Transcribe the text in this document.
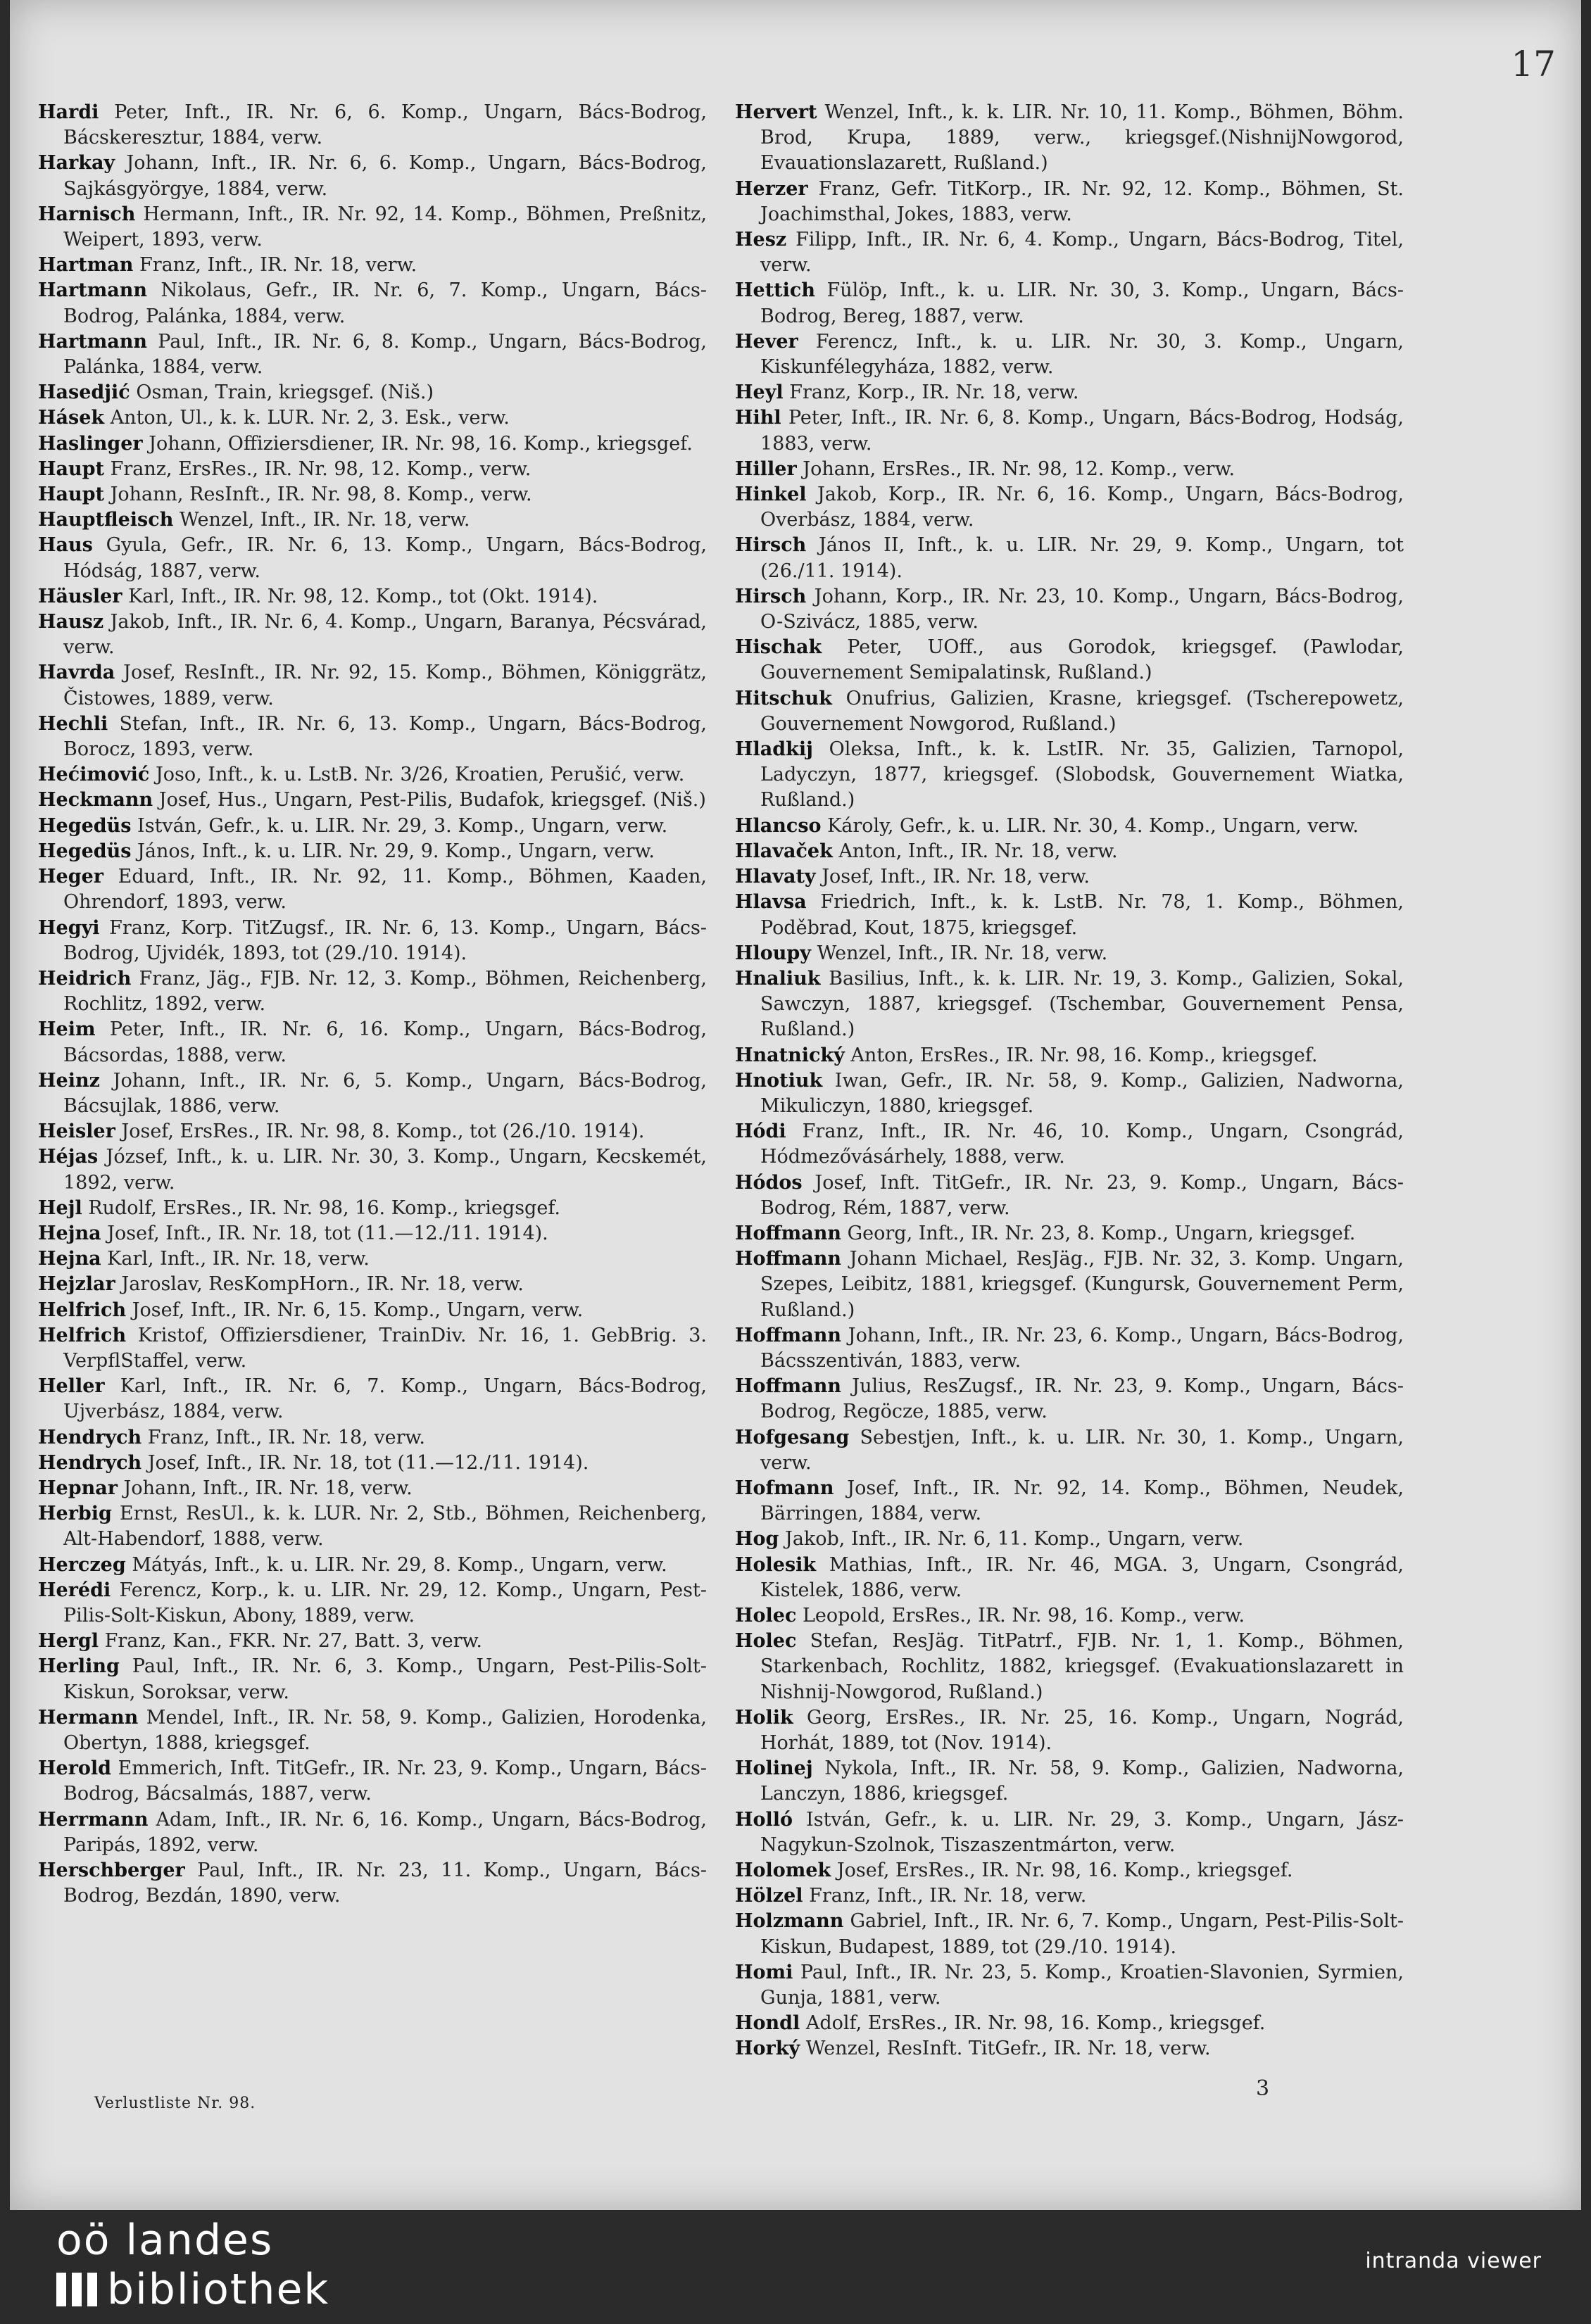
17

Hardi Peter, Inft., IR. Nr. 6, 6. Komp., Ungarn, Bács-Bodrog, Bácskeresztur, 1884, verw.
Harkay Johann, Inft., IR. Nr. 6, 6. Komp., Ungarn, Bács-Bodrog, Sajkásgyörgye, 1884, verw.
Harnisch Hermann, Inft., IR. Nr. 92, 14. Komp., Böhmen, Preßnitz, Weipert, 1893, verw.
Hartman Franz, Inft., IR. Nr. 18, verw.
Hartmann Nikolaus, Gefr., IR. Nr. 6, 7. Komp., Ungarn, Bács-Bodrog, Palánka, 1884, verw.
Hartmann Paul, Inft., IR. Nr. 6, 8. Komp., Ungarn, Bács-Bodrog, Palánka, 1884, verw.
Hasedjić Osman, Train, kriegsgef. (Niš.)
Hásek Anton, Ul., k. k. LUR. Nr. 2, 3. Esk., verw.
Haslinger Johann, Offiziersdiener, IR. Nr. 98, 16. Komp., kriegsgef.
Haupt Franz, ErsRes., IR. Nr. 98, 12. Komp., verw.
Haupt Johann, ResInft., IR. Nr. 98, 8. Komp., verw.
Hauptfleisch Wenzel, Inft., IR. Nr. 18, verw.
Haus Gyula, Gefr., IR. Nr. 6, 13. Komp., Ungarn, Bács-Bodrog, Hódság, 1887, verw.
Häusler Karl, Inft., IR. Nr. 98, 12. Komp., tot (Okt. 1914).
Hausz Jakob, Inft., IR. Nr. 6, 4. Komp., Ungarn, Baranya, Pécsvárad, verw.
Havrda Josef, ResInft., IR. Nr. 92, 15. Komp., Böhmen, Königgrätz, Čistowes, 1889, verw.
Hechli Stefan, Inft., IR. Nr. 6, 13. Komp., Ungarn, Bács-Bodrog, Borocz, 1893, verw.
Hećimović Joso, Inft., k. u. LstB. Nr. 3/26, Kroatien, Perušić, verw.
Heckmann Josef, Hus., Ungarn, Pest-Pilis, Budafok, kriegsgef. (Niš.)
Hegedüs István, Gefr., k. u. LIR. Nr. 29, 3. Komp., Ungarn, verw.
Hegedüs János, Inft., k. u. LIR. Nr. 29, 9. Komp., Ungarn, verw.
Heger Eduard, Inft., IR. Nr. 92, 11. Komp., Böhmen, Kaaden, Ohrendorf, 1893, verw.
Hegyi Franz, Korp. TitZugsf., IR. Nr. 6, 13. Komp., Ungarn, Bács-Bodrog, Ujvidék, 1893, tot (29./10. 1914).
Heidrich Franz, Jäg., FJB. Nr. 12, 3. Komp., Böhmen, Reichenberg, Rochlitz, 1892, verw.
Heim Peter, Inft., IR. Nr. 6, 16. Komp., Ungarn, Bács-Bodrog, Bácsordas, 1888, verw.
Heinz Johann, Inft., IR. Nr. 6, 5. Komp., Ungarn, Bács-Bodrog, Bácsujlak, 1886, verw.
Heisler Josef, ErsRes., IR. Nr. 98, 8. Komp., tot (26./10. 1914).
Héjas József, Inft., k. u. LIR. Nr. 30, 3. Komp., Ungarn, Kecskemét, 1892, verw.
Hejl Rudolf, ErsRes., IR. Nr. 98, 16. Komp., kriegsgef.
Hejna Josef, Inft., IR. Nr. 18, tot (11.—12./11. 1914).
Hejna Karl, Inft., IR. Nr. 18, verw.
Hejzlar Jaroslav, ResKompHorn., IR. Nr. 18, verw.
Helfrich Josef, Inft., IR. Nr. 6, 15. Komp., Ungarn, verw.
Helfrich Kristof, Offiziersdiener, TrainDiv. Nr. 16, 1. GebBrig. 3. VerpflStaffel, verw.
Heller Karl, Inft., IR. Nr. 6, 7. Komp., Ungarn, Bács-Bodrog, Ujverbász, 1884, verw.
Hendrych Franz, Inft., IR. Nr. 18, verw.
Hendrych Josef, Inft., IR. Nr. 18, tot (11.—12./11. 1914).
Hepnar Johann, Inft., IR. Nr. 18, verw.
Herbig Ernst, ResUl., k. k. LUR. Nr. 2, Stb., Böhmen, Reichenberg, Alt-Habendorf, 1888, verw.
Herczeg Mátyás, Inft., k. u. LIR. Nr. 29, 8. Komp., Ungarn, verw.
Herédi Ferencz, Korp., k. u. LIR. Nr. 29, 12. Komp., Ungarn, Pest-Pilis-Solt-Kiskun, Abony, 1889, verw.
Hergl Franz, Kan., FKR. Nr. 27, Batt. 3, verw.
Herling Paul, Inft., IR. Nr. 6, 3. Komp., Ungarn, Pest-Pilis-Solt-Kiskun, Soroksar, verw.
Hermann Mendel, Inft., IR. Nr. 58, 9. Komp., Galizien, Horodenka, Obertyn, 1888, kriegsgef.
Herold Emmerich, Inft. TitGefr., IR. Nr. 23, 9. Komp., Ungarn, Bács-Bodrog, Bácsalmás, 1887, verw.
Herrmann Adam, Inft., IR. Nr. 6, 16. Komp., Ungarn, Bács-Bodrog, Paripás, 1892, verw.
Herschberger Paul, Inft., IR. Nr. 23, 11. Komp., Ungarn, Bács-Bodrog, Bezdán, 1890, verw.
Hervert Wenzel, Inft., k. k. LIR. Nr. 10, 11. Komp., Böhmen, Böhm. Brod, Krupa, 1889, verw., kriegsgef.(NishnijNowgorod, Evauationslazarett, Rußland.)
Herzer Franz, Gefr. TitKorp., IR. Nr. 92, 12. Komp., Böhmen, St. Joachimsthal, Jokes, 1883, verw.
Hesz Filipp, Inft., IR. Nr. 6, 4. Komp., Ungarn, Bács-Bodrog, Titel, verw.
Hettich Fülöp, Inft., k. u. LIR. Nr. 30, 3. Komp., Ungarn, Bács-Bodrog, Bereg, 1887, verw.
Hever Ferencz, Inft., k. u. LIR. Nr. 30, 3. Komp., Ungarn, Kiskunfélegyháza, 1882, verw.
Heyl Franz, Korp., IR. Nr. 18, verw.
Hihl Peter, Inft., IR. Nr. 6, 8. Komp., Ungarn, Bács-Bodrog, Hodság, 1883, verw.
Hiller Johann, ErsRes., IR. Nr. 98, 12. Komp., verw.
Hinkel Jakob, Korp., IR. Nr. 6, 16. Komp., Ungarn, Bács-Bodrog, Overbász, 1884, verw.
Hirsch János II, Inft., k. u. LIR. Nr. 29, 9. Komp., Ungarn, tot (26./11. 1914).
Hirsch Johann, Korp., IR. Nr. 23, 10. Komp., Ungarn, Bács-Bodrog, O-Szivácz, 1885, verw.
Hischak Peter, UOff., aus Gorodok, kriegsgef. (Pawlodar, Gouvernement Semipalatinsk, Rußland.)
Hitschuk Onufrius, Galizien, Krasne, kriegsgef. (Tscherepowetz, Gouvernement Nowgorod, Rußland.)
Hladkij Oleksa, Inft., k. k. LstIR. Nr. 35, Galizien, Tarnopol, Ladyczyn, 1877, kriegsgef. (Slobodsk, Gouvernement Wiatka, Rußland.)
Hlancso Károly, Gefr., k. u. LIR. Nr. 30, 4. Komp., Ungarn, verw.
Hlavaček Anton, Inft., IR. Nr. 18, verw.
Hlavaty Josef, Inft., IR. Nr. 18, verw.
Hlavsa Friedrich, Inft., k. k. LstB. Nr. 78, 1. Komp., Böhmen, Poděbrad, Kout, 1875, kriegsgef.
Hloupy Wenzel, Inft., IR. Nr. 18, verw.
Hnaliuk Basilius, Inft., k. k. LIR. Nr. 19, 3. Komp., Galizien, Sokal, Sawczyn, 1887, kriegsgef. (Tschembar, Gouvernement Pensa, Rußland.)
Hnatnický Anton, ErsRes., IR. Nr. 98, 16. Komp., kriegsgef.
Hnotiuk Iwan, Gefr., IR. Nr. 58, 9. Komp., Galizien, Nadworna, Mikuliczyn, 1880, kriegsgef.
Hódi Franz, Inft., IR. Nr. 46, 10. Komp., Ungarn, Csongrád, Hódmezővásárhely, 1888, verw.
Hódos Josef, Inft. TitGefr., IR. Nr. 23, 9. Komp., Ungarn, Bács-Bodrog, Rém, 1887, verw.
Hoffmann Georg, Inft., IR. Nr. 23, 8. Komp., Ungarn, kriegsgef.
Hoffmann Johann Michael, ResJäg., FJB. Nr. 32, 3. Komp. Ungarn, Szepes, Leibitz, 1881, kriegsgef. (Kungursk, Gouvernement Perm, Rußland.)
Hoffmann Johann, Inft., IR. Nr. 23, 6. Komp., Ungarn, Bács-Bodrog, Bácsszentiván, 1883, verw.
Hoffmann Julius, ResZugsf., IR. Nr. 23, 9. Komp., Ungarn, Bács-Bodrog, Regöcze, 1885, verw.
Hofgesang Sebestjen, Inft., k. u. LIR. Nr. 30, 1. Komp., Ungarn, verw.
Hofmann Josef, Inft., IR. Nr. 92, 14. Komp., Böhmen, Neudek, Bärringen, 1884, verw.
Hog Jakob, Inft., IR. Nr. 6, 11. Komp., Ungarn, verw.
Holesik Mathias, Inft., IR. Nr. 46, MGA. 3, Ungarn, Csongrád, Kistelek, 1886, verw.
Holec Leopold, ErsRes., IR. Nr. 98, 16. Komp., verw.
Holec Stefan, ResJäg. TitPatrf., FJB. Nr. 1, 1. Komp., Böhmen, Starkenbach, Rochlitz, 1882, kriegsgef. (Evakuationslazarett in Nishnij-Nowgorod, Rußland.)
Holik Georg, ErsRes., IR. Nr. 25, 16. Komp., Ungarn, Nográd, Horhát, 1889, tot (Nov. 1914).
Holinej Nykola, Inft., IR. Nr. 58, 9. Komp., Galizien, Nadworna, Lanczyn, 1886, kriegsgef.
Holló István, Gefr., k. u. LIR. Nr. 29, 3. Komp., Ungarn, Jász-Nagykun-Szolnok, Tiszaszentmárton, verw.
Holomek Josef, ErsRes., IR. Nr. 98, 16. Komp., kriegsgef.
Hölzel Franz, Inft., IR. Nr. 18, verw.
Holzmann Gabriel, Inft., IR. Nr. 6, 7. Komp., Ungarn, Pest-Pilis-Solt-Kiskun, Budapest, 1889, tot (29./10. 1914).
Homi Paul, Inft., IR. Nr. 23, 5. Komp., Kroatien-Slavonien, Syrmien, Gunja, 1881, verw.
Hondl Adolf, ErsRes., IR. Nr. 98, 16. Komp., kriegsgef.
Horký Wenzel, ResInft. TitGefr., IR. Nr. 18, verw.

Verlustliste Nr. 98.

3

oö landes
bibliothek

intranda viewer
